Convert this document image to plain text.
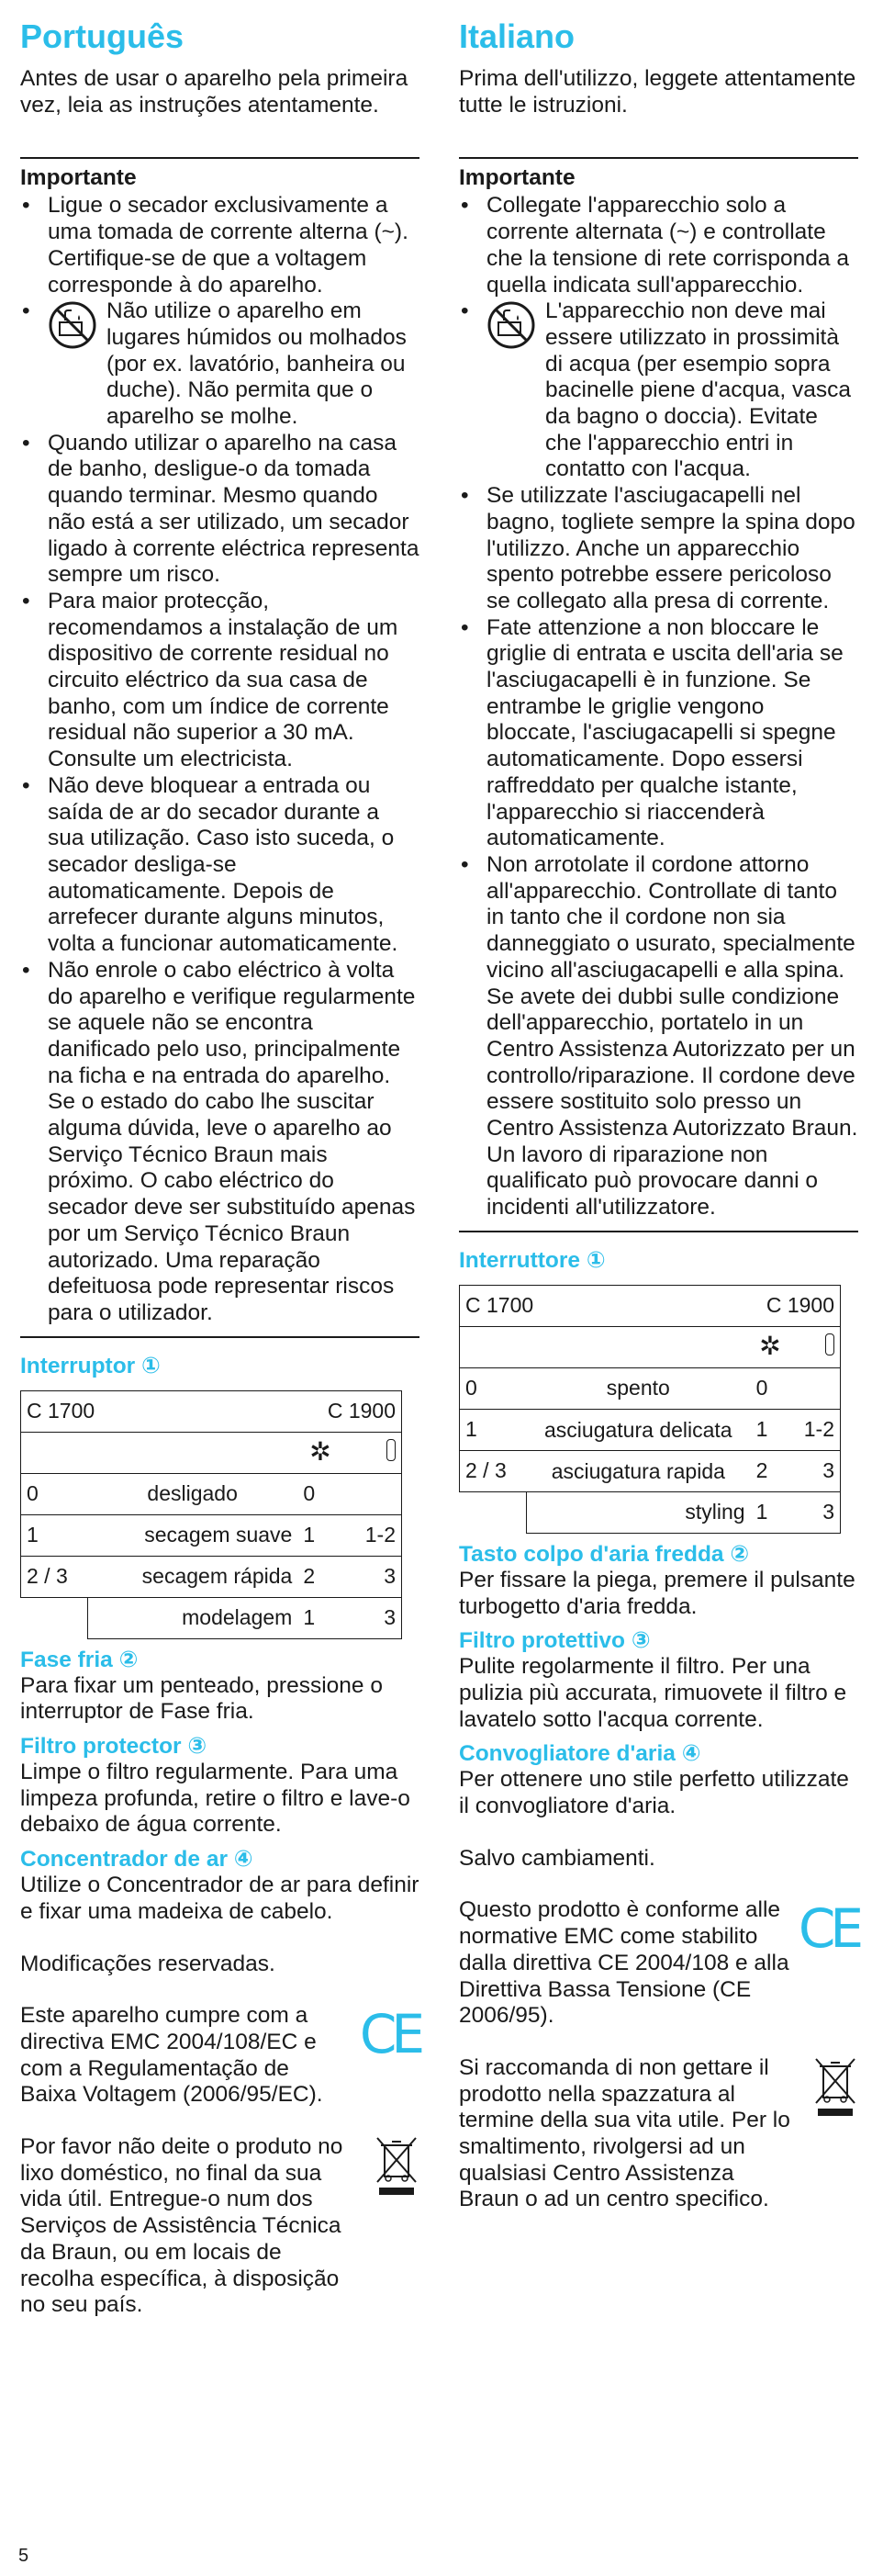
Português

Antes de usar o aparelho pela primeira vez, leia as instruções atentamente.

Importante
• Ligue o secador exclusivamente a uma tomada de corrente alterna (~). Certifique-se de que a voltagem corresponde à do aparelho.
• Não utilize o aparelho em lugares húmidos ou molhados (por ex. lavatório, banheira ou duche). Não permita que o aparelho se molhe.
• Quando utilizar o aparelho na casa de banho, desligue-o da tomada quando terminar. Mesmo quando não está a ser utilizado, um secador ligado à corrente eléctrica representa sempre um risco.
• Para maior protecção, recomendamos a instalação de um dispositivo de corrente residual no circuito eléctrico da sua casa de banho, com um índice de corrente residual não superior a 30 mA. Consulte um electricista.
• Não deve bloquear a entrada ou saída de ar do secador durante a sua utilização. Caso isto suceda, o secador desliga-se automaticamente. Depois de arrefecer durante alguns minutos, volta a funcionar automaticamente.
• Não enrole o cabo eléctrico à volta do aparelho e verifique regularmente se aquele não se encontra danificado pelo uso, principalmente na ficha e na entrada do aparelho. Se o estado do cabo lhe suscitar alguma dúvida, leve o aparelho ao Serviço Técnico Braun mais próximo. O cabo eléctrico do secador deve ser substituído apenas por um Serviço Técnico Braun autorizado. Uma reparação defeituosa pode representar riscos para o utilizador.
Interruptor ①
C 1700		C 1900	
		✲	
0	desligado	0	
1	secagem suave	1	1-2
2 / 3	secagem rápida	2	3
	modelagem	1	3
Fase fria ②

Para fixar um penteado, pressione o interruptor de Fase fria.

Filtro protector ③

Limpe o filtro regularmente. Para uma limpeza profunda, retire o filtro e lave-o debaixo de água corrente.

Concentrador de ar ④

Utilize o Concentrador de ar para definir e fixar uma madeixa de cabelo.

Modificações reservadas.

Este aparelho cumpre com a directiva EMC 2004/108/EC e com a Regulamentação de Baixa Voltagem (2006/95/EC).

CE

Por favor não deite o produto no lixo doméstico, no final da sua vida útil. Entregue-o num dos Serviços de Assistência Técnica da Braun, ou em locais de recolha específica, à disposição no seu país.

Italiano

Prima dell'utilizzo, leggete attentamente tutte le istruzioni.

Importante
• Collegate l'apparecchio solo a corrente alternata (~) e controllate che la tensione di rete corrisponda a quella indicata sull'apparecchio.
• L'apparecchio non deve mai essere utilizzato in prossimità di acqua (per esempio sopra bacinelle piene d'acqua, vasca da bagno o doccia). Evitate che l'apparecchio entri in contatto con l'acqua.
• Se utilizzate l'asciugacapelli nel bagno, togliete sempre la spina dopo l'utilizzo. Anche un apparecchio spento potrebbe essere pericoloso se collegato alla presa di corrente.
• Fate attenzione a non bloccare le griglie di entrata e uscita dell'aria se l'asciugacapelli è in funzione. Se entrambe le griglie vengono bloccate, l'asciugacapelli si spegne automaticamente. Dopo essersi raffreddato per qualche istante, l'apparecchio si riaccenderà automaticamente.
• Non arrotolate il cordone attorno all'apparecchio. Controllate di tanto in tanto che il cordone non sia danneggiato o usurato, specialmente vicino all'asciugacapelli e alla spina. Se avete dei dubbi sulle condizione dell'apparecchio, portatelo in un Centro Assistenza Autorizzato per un controllo/riparazione. Il cordone deve essere sostituito solo presso un Centro Assistenza Autorizzato Braun. Un lavoro di riparazione non qualificato può provocare danni o incidenti all'utilizzatore.
Interruttore ①
C 1700		C 1900	
		✲	
0	spento	0	
1	asciugatura delicata	1	1-2
2 / 3	asciugatura rapida	2	3
	styling	1	3
Tasto colpo d'aria fredda ②

Per fissare la piega, premere il pulsante turbogetto d'aria fredda.

Filtro protettivo ③

Pulite regolarmente il filtro. Per una pulizia più accurata, rimuovete il filtro e lavatelo sotto l'acqua corrente.

Convogliatore d'aria ④

Per ottenere uno stile perfetto utilizzate il convogliatore d'aria.

Salvo cambiamenti.

Questo prodotto è conforme alle normative EMC come stabilito dalla direttiva CE 2004/108 e alla Direttiva Bassa Tensione (CE 2006/95).

CE

Si raccomanda di non gettare il prodotto nella spazzatura al termine della sua vita utile. Per lo smaltimento, rivolgersi ad un qualsiasi Centro Assistenza Braun o ad un centro specifico.

5
